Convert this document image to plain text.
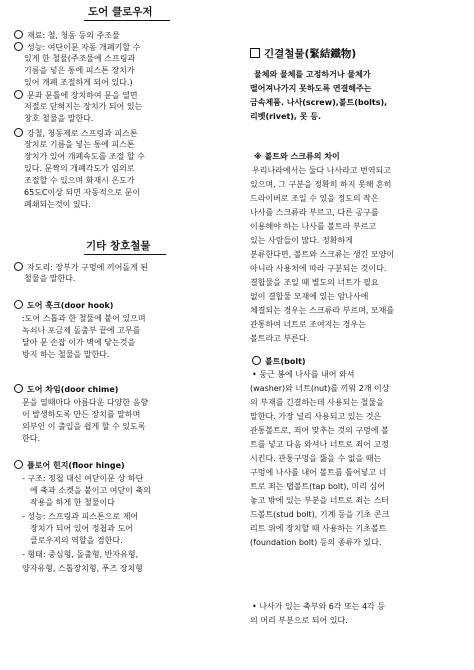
도어 클로우저
재료: 철, 청동 등의 주조물
성능: 여단이문 자동 개폐기할 수
있게 한 철물(주조물에 스프링과
기름을 넣은 통에 피스톤 장치가
있어 개폐 조절하게 되어 있다.)
문과 문틀에 장치하여 문을 열면
저절로 닫혀지는 장치가 되어 있는
창호 철물을 말한다.
강철, 청동제로 스프링과 피스톤
장치로 기름을 넣는 통에 피스톤
장치가 있어 개폐속도를 조절 할 수
있다. 문짝의 개폐각도가 임의로
조절할 수 있으며 화재시 온도가
65도C이상 되면 자동적으로 문이
폐쇄되는것이 있다.
기타 창호철물
자도리: 장부가 구멍에 끼어돌게 된
철물을 말한다.
도어 훅크(door hook)
:도어 스톱과 한 철물에 붙어 있으며
녹쇠나 포금제 돌출부 끝에 고무를
달아 문 손잡 이가 벽에 닿는것을
방지 하는 철물을 말한다.
도어 차임(door chime)
문을 열때마다 아름다운 다양한 음향
이 발생하도록 만든 장치를 말하며
외부인 이 출입을 쉽게 할 수 있도록
한다.
플로어 힌지(floor hinge)
- 구조: 정첩 대신 여닫이문 상 하단
에 축과 소켓을 붙이고 여닫이 축의
작용을 하게 한 철물이다
- 성능: 스프링과 피스톤으로 제어
장치가 되어 있어 정첩과 도어
클로우저의 역할을 겸한다.
- 형태: 중심형, 돌출형, 반자유형,
양자유형, 스톱장치형, 푸즈 장치형
긴결철물(緊結鐵物)
물체와 물체를 고정하거나 물체가
떨어져나가지 못하도록 연결해주는
금속제품. 나사(screw),볼트(bolts),
리벳(rivet), 못 등.
※ 볼트와 스크류의 차이
우리나라에서는 둘다 나사라고 번역되고
있으며, 그 구분을 정확히 하지 못해 흔히
드라이버로 조일 수 있을 정도의 작은
나사를 스크류라 부르고, 다른 공구를
이용해야 하는 나사를 볼트라 부르고
있는 사람들이 많다. 정확하게
분류한다면, 볼트와 스크류는 생긴 모양이
아니라 사용처에 따라 구분되는 것이다.
결합물을 조일 때 별도의 너트가 필요
없이 결합물 모재에 있는 암나사에
체결되는 경우는 스크류라 부르며, 모재를
관통하여 너트로 조여지는 경우는
볼트라고 부른다.
볼트(bolt)
• 둥근 봉에 나사를 내어 와셔
(washer)와 너트(nut)를 끼워 2개 이상
의 부재를 긴결하는데 사용되는 철물을
말한다. 가장 널리 사용되고 있는 것은
관통볼트로, 죄어 맞추는 것의 구멍에 볼
트를 넣고 다음 와셔나 너트로 죄어 고정
시킨다. 관통구멍을 뚫을 수 없을 때는
구멍에 나사를 내어 볼트를 틀어넣고 너
트로 죄는 탭볼트(tap bolt), 미리 심어
놓고 밖에 있는 부분을 너트로 죄는 스터
드볼트(stud bolt), 기계 등을 기초 콘크
리트 위에 장치할 때 사용하는 기초볼트
(foundation bolt) 등의 종류가 있다.
• 나사가 있는 축부와 6각 또는 4각 등
의 머리 부분으로 되어 있다.
